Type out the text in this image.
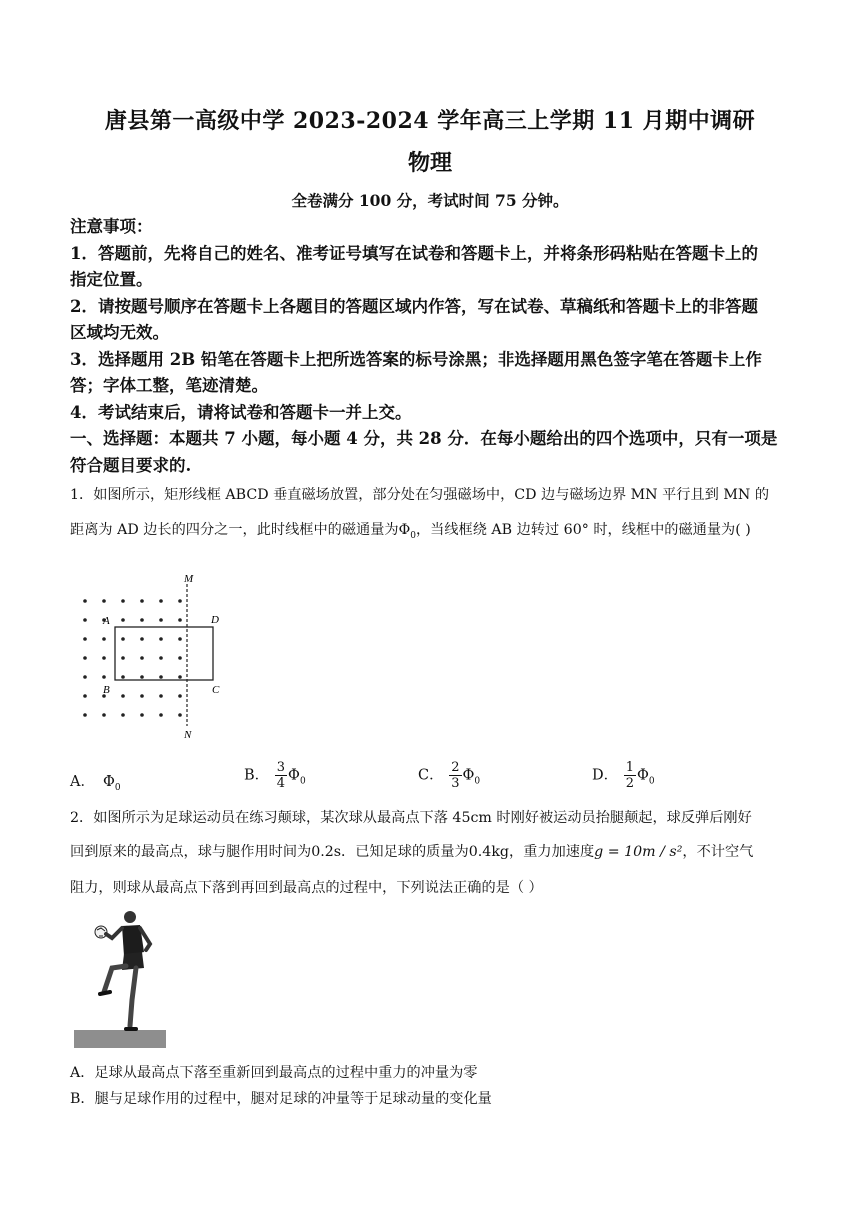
唐县第一高级中学 2023-2024 学年高三上学期 11 月期中调研
物理
全卷满分 100 分，考试时间 75 分钟。
注意事项：
1．答题前，先将自己的姓名、准考证号填写在试卷和答题卡上，并将条形码粘贴在答题卡上的
指定位置。
2．请按题号顺序在答题卡上各题目的答题区域内作答，写在试卷、草稿纸和答题卡上的非答题
区域均无效。
3．选择题用 2B 铅笔在答题卡上把所选答案的标号涂黑；非选择题用黑色签字笔在答题卡上作
答；字体工整，笔迹清楚。
4．考试结束后，请将试卷和答题卡一并上交。
一、选择题：本题共 7 小题，每小题 4 分，共 28 分．在每小题给出的四个选项中，只有一项是
符合题目要求的.
1．如图所示，矩形线框 ABCD 垂直磁场放置，部分处在匀强磁场中，CD 边与磁场边界 MN 平行且到 MN 的
距离为 AD 边长的四分之一，此时线框中的磁通量为$\Phi_0$，当线框绕 AB 边转过 60° 时，线框中的磁通量为( )
M
N
A
B
D
C
A． $\Phi_0$
B． $\frac{3}{4} \Phi_0$	C． $\frac{2}{3} \Phi_0$	D． $\frac{1}{2} \Phi_0$
2．如图所示为足球运动员在练习颠球，某次球从最高点下落 45cm 时刚好被运动员抬腿颠起，球反弹后刚好
回到原来的最高点，球与腿作用时间为0.2s．已知足球的质量为0.4kg，重力加速度g = 10m / s²，不计空气
阻力，则球从最高点下落到再回到最高点的过程中，下列说法正确的是（ ）
A．足球从最高点下落至重新回到最高点的过程中重力的冲量为零
B．腿与足球作用的过程中，腿对足球的冲量等于足球动量的变化量
